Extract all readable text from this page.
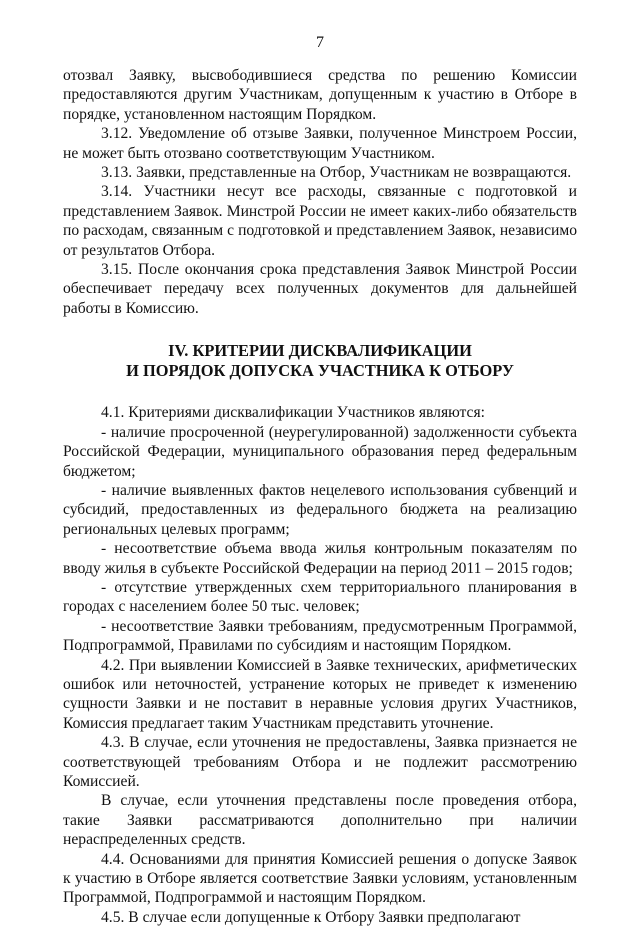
7

отозвал Заявку, высвободившиеся средства по решению Комиссии предоставляются другим Участникам, допущенным к участию в Отборе в порядке, установленном настоящим Порядком.

3.12. Уведомление об отзыве Заявки, полученное Минстроем России, не может быть отозвано соответствующим Участником.

3.13. Заявки, представленные на Отбор, Участникам не возвращаются.

3.14. Участники несут все расходы, связанные с подготовкой и представлением Заявок. Минстрой России не имеет каких-либо обязательств по расходам, связанным с подготовкой и представлением Заявок, независимо от результатов Отбора.

3.15. После окончания срока представления Заявок Минстрой России обеспечивает передачу всех полученных документов для дальнейшей работы в Комиссию.

IV. КРИТЕРИИ ДИСКВАЛИФИКАЦИИ
И ПОРЯДОК ДОПУСКА УЧАСТНИКА К ОТБОРУ

4.1. Критериями дисквалификации Участников являются:

- наличие просроченной (неурегулированной) задолженности субъекта Российской Федерации, муниципального образования перед федеральным бюджетом;

- наличие выявленных фактов нецелевого использования субвенций и субсидий, предоставленных из федерального бюджета на реализацию региональных целевых программ;

- несоответствие объема ввода жилья контрольным показателям по вводу жилья в субъекте Российской Федерации на период 2011 – 2015 годов;

- отсутствие утвержденных схем территориального планирования в городах с населением более 50 тыс. человек;

- несоответствие Заявки требованиям, предусмотренным Программой, Подпрограммой, Правилами по субсидиям и настоящим Порядком.

4.2. При выявлении Комиссией в Заявке технических, арифметических ошибок или неточностей, устранение которых не приведет к изменению сущности Заявки и не поставит в неравные условия других Участников, Комиссия предлагает таким Участникам представить уточнение.

4.3. В случае, если уточнения не предоставлены, Заявка признается не соответствующей требованиям Отбора и не подлежит рассмотрению Комиссией.

В случае, если уточнения представлены после проведения отбора, такие Заявки рассматриваются дополнительно при наличии нераспределенных средств.

4.4. Основаниями для принятия Комиссией решения о допуске Заявок к участию в Отборе является соответствие Заявки условиям, установленным Программой, Подпрограммой и настоящим Порядком.

4.5. В случае если допущенные к Отбору Заявки предполагают
